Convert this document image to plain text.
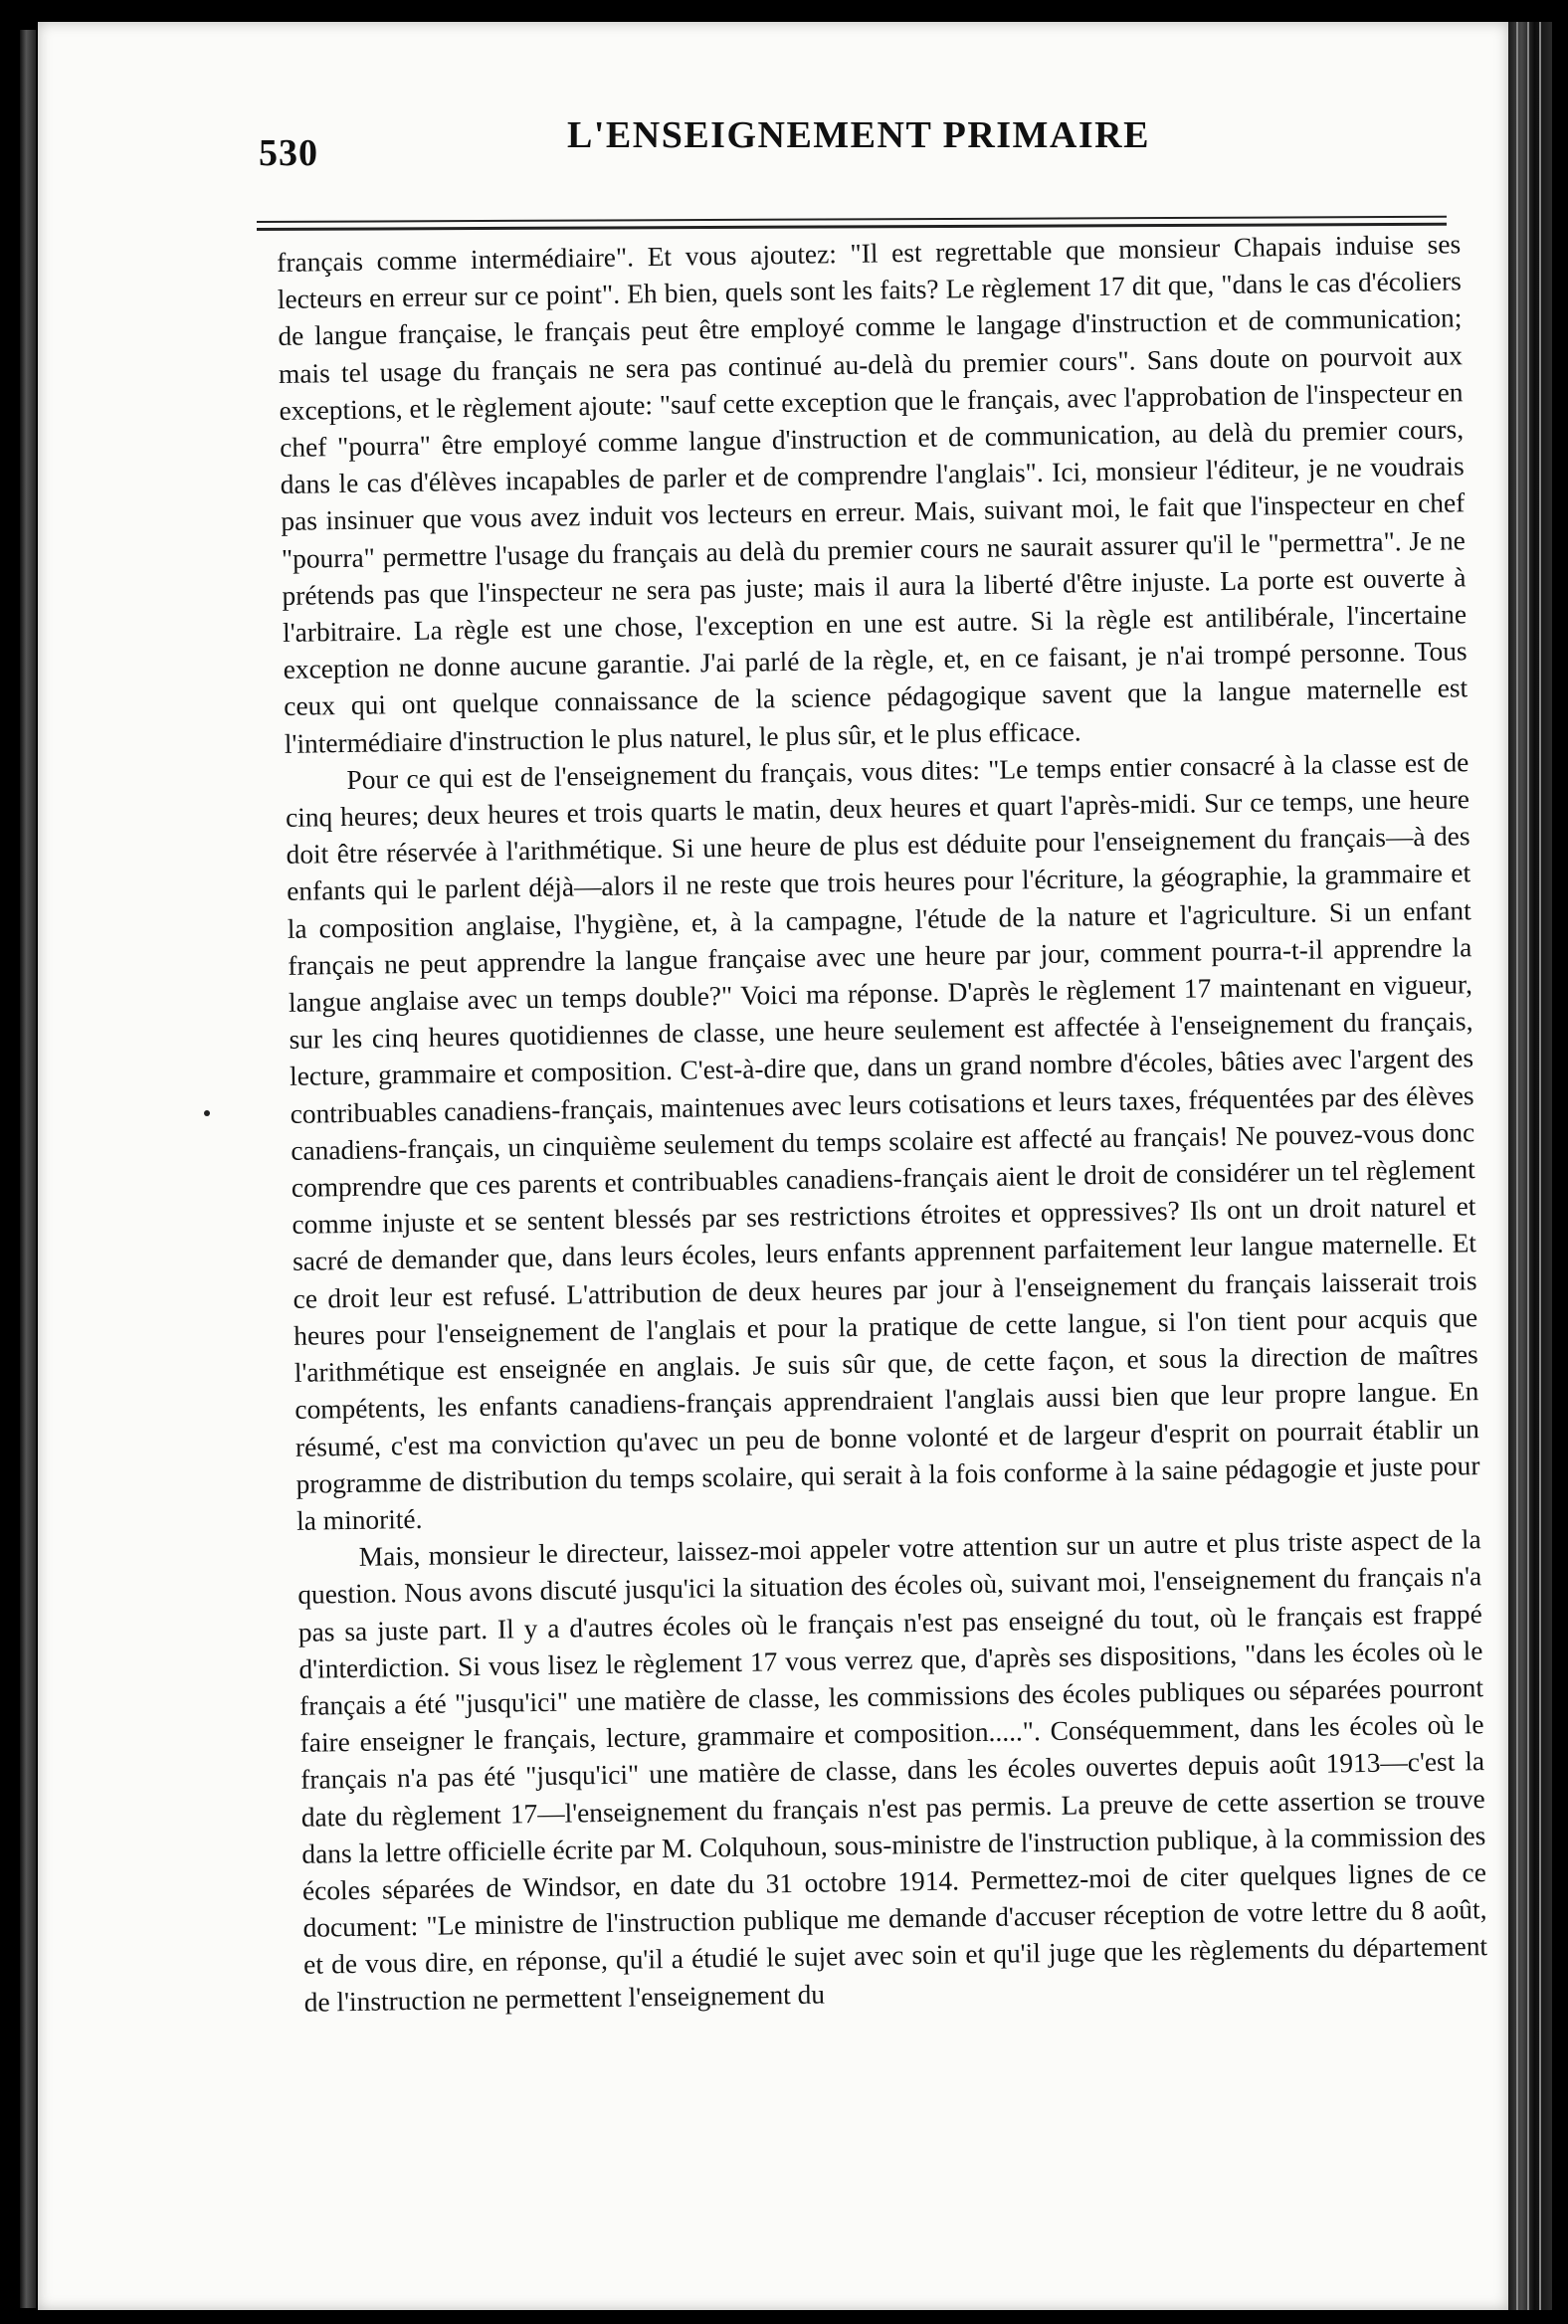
530	L'ENSEIGNEMENT PRIMAIRE

français comme intermédiaire". Et vous ajoutez: "Il est regrettable que monsieur Chapais induise ses lecteurs en erreur sur ce point". Eh bien, quels sont les faits? Le règlement 17 dit que, "dans le cas d'écoliers de langue française, le français peut être employé comme le langage d'instruction et de communication; mais tel usage du français ne sera pas continué au-delà du premier cours". Sans doute on pourvoit aux exceptions, et le règlement ajoute: "sauf cette exception que le français, avec l'approbation de l'inspecteur en chef "pourra" être employé comme langue d'instruction et de communication, au delà du premier cours, dans le cas d'élèves incapables de parler et de comprendre l'anglais". Ici, monsieur l'éditeur, je ne voudrais pas insinuer que vous avez induit vos lecteurs en erreur. Mais, suivant moi, le fait que l'inspecteur en chef "pourra" permettre l'usage du français au delà du premier cours ne saurait assurer qu'il le "permettra". Je ne prétends pas que l'inspecteur ne sera pas juste; mais il aura la liberté d'être injuste. La porte est ouverte à l'arbitraire. La règle est une chose, l'exception en une est autre. Si la règle est antilibérale, l'incertaine exception ne donne aucune garantie. J'ai parlé de la règle, et, en ce faisant, je n'ai trompé personne. Tous ceux qui ont quelque connaissance de la science pédagogique savent que la langue maternelle est l'intermédiaire d'instruction le plus naturel, le plus sûr, et le plus efficace.

Pour ce qui est de l'enseignement du français, vous dites: "Le temps entier consacré à la classe est de cinq heures; deux heures et trois quarts le matin, deux heures et quart l'après-midi. Sur ce temps, une heure doit être réservée à l'arithmétique. Si une heure de plus est déduite pour l'enseignement du français—à des enfants qui le parlent déjà—alors il ne reste que trois heures pour l'écriture, la géographie, la grammaire et la composition anglaise, l'hygiène, et, à la campagne, l'étude de la nature et l'agriculture. Si un enfant français ne peut apprendre la langue française avec une heure par jour, comment pourra-t-il apprendre la langue anglaise avec un temps double?" Voici ma réponse. D'après le règlement 17 maintenant en vigueur, sur les cinq heures quotidiennes de classe, une heure seulement est affectée à l'enseignement du français, lecture, grammaire et composition. C'est-à-dire que, dans un grand nombre d'écoles, bâties avec l'argent des contribuables canadiens-français, maintenues avec leurs cotisations et leurs taxes, fréquentées par des élèves canadiens-français, un cinquième seulement du temps scolaire est affecté au français! Ne pouvez-vous donc comprendre que ces parents et contribuables canadiens-français aient le droit de considérer un tel règlement comme injuste et se sentent blessés par ses restrictions étroites et oppressives? Ils ont un droit naturel et sacré de demander que, dans leurs écoles, leurs enfants apprennent parfaitement leur langue maternelle. Et ce droit leur est refusé. L'attribution de deux heures par jour à l'enseignement du français laisserait trois heures pour l'enseignement de l'anglais et pour la pratique de cette langue, si l'on tient pour acquis que l'arithmétique est enseignée en anglais. Je suis sûr que, de cette façon, et sous la direction de maîtres compétents, les enfants canadiens-français apprendraient l'anglais aussi bien que leur propre langue. En résumé, c'est ma conviction qu'avec un peu de bonne volonté et de largeur d'esprit on pourrait établir un programme de distribution du temps scolaire, qui serait à la fois conforme à la saine pédagogie et juste pour la minorité.

Mais, monsieur le directeur, laissez-moi appeler votre attention sur un autre et plus triste aspect de la question. Nous avons discuté jusqu'ici la situation des écoles où, suivant moi, l'enseignement du français n'a pas sa juste part. Il y a d'autres écoles où le français n'est pas enseigné du tout, où le français est frappé d'interdiction. Si vous lisez le règlement 17 vous verrez que, d'après ses dispositions, "dans les écoles où le français a été "jusqu'ici" une matière de classe, les commissions des écoles publiques ou séparées pourront faire enseigner le français, lecture, grammaire et composition.....". Conséquemment, dans les écoles où le français n'a pas été "jusqu'ici" une matière de classe, dans les écoles ouvertes depuis août 1913—c'est la date du règlement 17—l'enseignement du français n'est pas permis. La preuve de cette assertion se trouve dans la lettre officielle écrite par M. Colquhoun, sous-ministre de l'instruction publique, à la commission des écoles séparées de Windsor, en date du 31 octobre 1914. Permettez-moi de citer quelques lignes de ce document: "Le ministre de l'instruction publique me demande d'accuser réception de votre lettre du 8 août, et de vous dire, en réponse, qu'il a étudié le sujet avec soin et qu'il juge que les règlements du département de l'instruction ne permettent l'enseignement du
